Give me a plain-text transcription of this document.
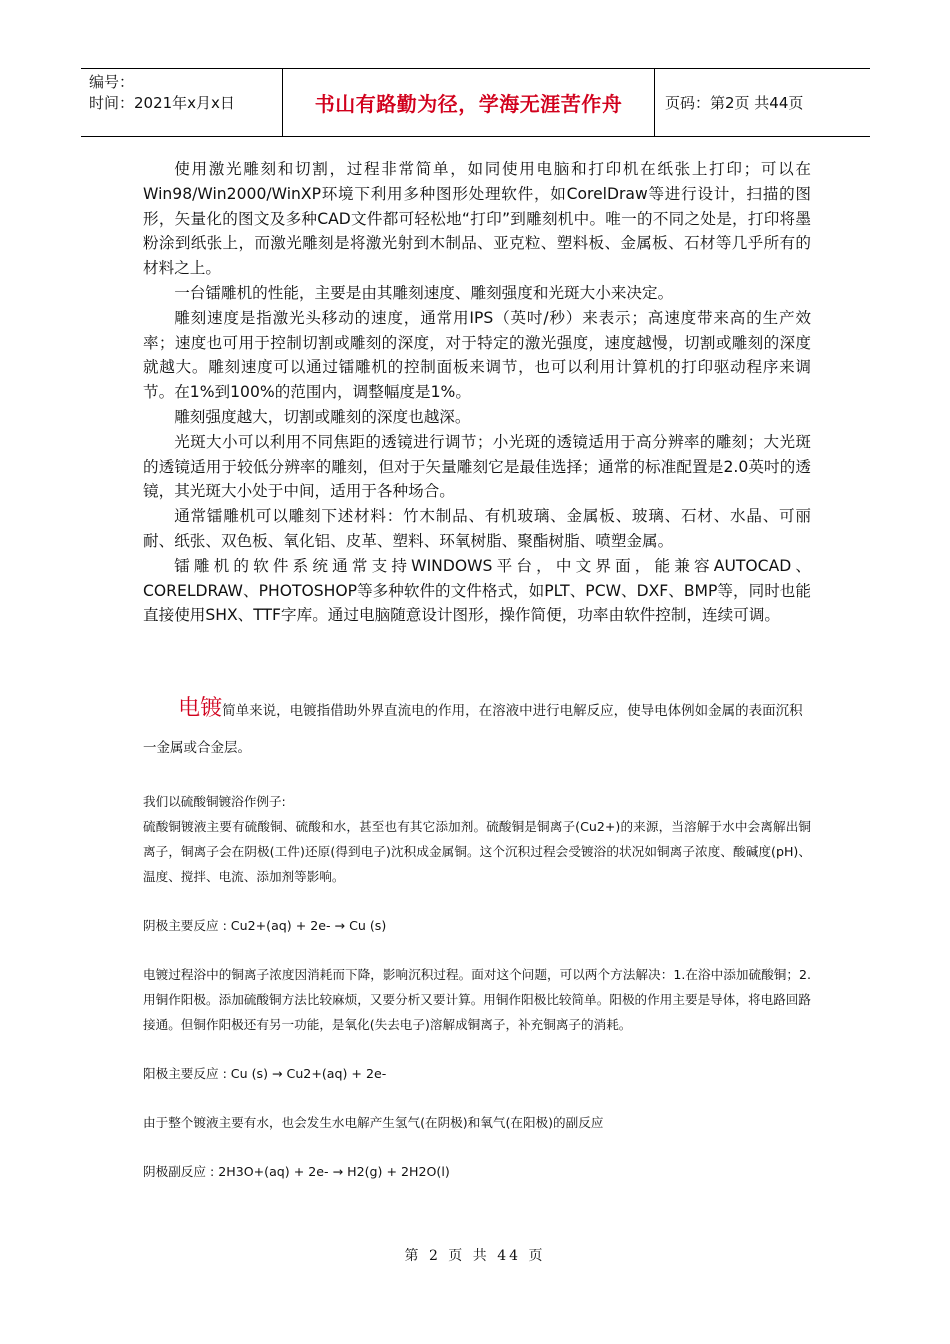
编号：
时间：2021年x月x日	书山有路勤为径，学海无涯苦作舟	页码：第2页 共44页

使用激光雕刻和切割，过程非常简单，如同使用电脑和打印机在纸张上打印；可以在Win98/Win2000/WinXP环境下利用多种图形处理软件，如CorelDraw等进行设计，扫描的图形，矢量化的图文及多种CAD文件都可轻松地“打印”到雕刻机中。唯一的不同之处是，打印将墨粉涂到纸张上，而激光雕刻是将激光射到木制品、亚克粒、塑料板、金属板、石材等几乎所有的材料之上。

一台镭雕机的性能，主要是由其雕刻速度、雕刻强度和光斑大小来决定。

雕刻速度是指激光头移动的速度，通常用IPS（英吋/秒）来表示；高速度带来高的生产效率；速度也可用于控制切割或雕刻的深度，对于特定的激光强度，速度越慢，切割或雕刻的深度就越大。雕刻速度可以通过镭雕机的控制面板来调节，也可以利用计算机的打印驱动程序来调节。在1%到100%的范围内，调整幅度是1%。

雕刻强度越大，切割或雕刻的深度也越深。

光斑大小可以利用不同焦距的透镜进行调节；小光斑的透镜适用于高分辨率的雕刻；大光斑的透镜适用于较低分辨率的雕刻，但对于矢量雕刻它是最佳选择；通常的标准配置是2.0英吋的透镜，其光斑大小处于中间，适用于各种场合。

通常镭雕机可以雕刻下述材料：竹木制品、有机玻璃、金属板、玻璃、石材、水晶、可丽耐、纸张、双色板、氧化铝、皮革、塑料、环氧树脂、聚酯树脂、喷塑金属。

镭雕机的软件系统通常支持WINDOWS平台，中文界面，能兼容AUTOCAD、CORELDRAW、PHOTOSHOP等多种软件的文件格式，如PLT、PCW、DXF、BMP等，同时也能直接使用SHX、TTF字库。通过电脑随意设计图形，操作简便，功率由软件控制，连续可调。

电镀简单来说，电镀指借助外界直流电的作用，在溶液中进行电解反应，使导电体例如金属的表面沉积一金属或合金层。

我们以硫酸铜镀浴作例子:

硫酸铜镀液主要有硫酸铜、硫酸和水，甚至也有其它添加剂。硫酸铜是铜离子(Cu2+)的来源，当溶解于水中会离解出铜离子，铜离子会在阴极(工件)还原(得到电子)沈积成金属铜。这个沉积过程会受镀浴的状况如铜离子浓度、酸碱度(pH)、温度、搅拌、电流、添加剂等影响。

阴极主要反应 : Cu2+(aq) + 2e- → Cu (s)

电镀过程浴中的铜离子浓度因消耗而下降，影响沉积过程。面对这个问题，可以两个方法解决：1.在浴中添加硫酸铜；2.用铜作阳极。添加硫酸铜方法比较麻烦，又要分析又要计算。用铜作阳极比较简单。阳极的作用主要是导体，将电路回路接通。但铜作阳极还有另一功能，是氧化(失去电子)溶解成铜离子，补充铜离子的消耗。

阳极主要反应 : Cu (s) → Cu2+(aq) + 2e-

由于整个镀液主要有水，也会发生水电解产生氢气(在阴极)和氧气(在阳极)的副反应

阴极副反应 : 2H3O+(aq) + 2e- → H2(g) + 2H2O(l)

第 2 页 共 44 页
